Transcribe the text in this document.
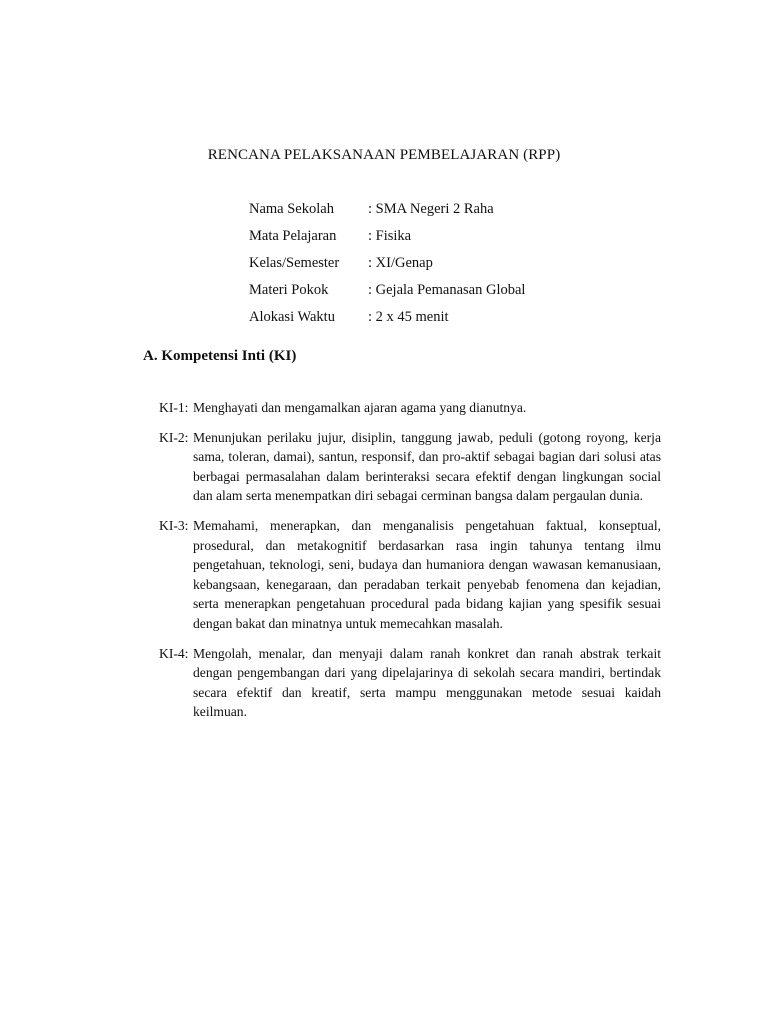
RENCANA PELAKSANAAN PEMBELAJARAN (RPP)
Nama Sekolah	: SMA Negeri 2 Raha
Mata Pelajaran	: Fisika
Kelas/Semester	: XI/Genap
Materi Pokok	: Gejala Pemanasan Global
Alokasi Waktu	: 2 x 45 menit
A. Kompetensi Inti (KI)
KI-1: Menghayati dan mengamalkan ajaran agama yang dianutnya.
KI-2: Menunjukan perilaku jujur, disiplin, tanggung jawab, peduli (gotong royong, kerja sama, toleran, damai), santun, responsif, dan pro-aktif sebagai bagian dari solusi atas berbagai permasalahan dalam berinteraksi secara efektif dengan lingkungan social dan alam serta menempatkan diri sebagai cerminan bangsa dalam pergaulan dunia.
KI-3: Memahami, menerapkan, dan menganalisis pengetahuan faktual, konseptual, prosedural, dan metakognitif berdasarkan rasa ingin tahunya tentang ilmu pengetahuan, teknologi, seni, budaya dan humaniora dengan wawasan kemanusiaan, kebangsaan, kenegaraan, dan peradaban terkait penyebab fenomena dan kejadian, serta menerapkan pengetahuan procedural pada bidang kajian yang spesifik sesuai dengan bakat dan minatnya untuk memecahkan masalah.
KI-4: Mengolah, menalar, dan menyaji dalam ranah konkret dan ranah abstrak terkait dengan pengembangan dari yang dipelajarinya di sekolah secara mandiri, bertindak secara efektif dan kreatif, serta mampu menggunakan metode sesuai kaidah keilmuan.
